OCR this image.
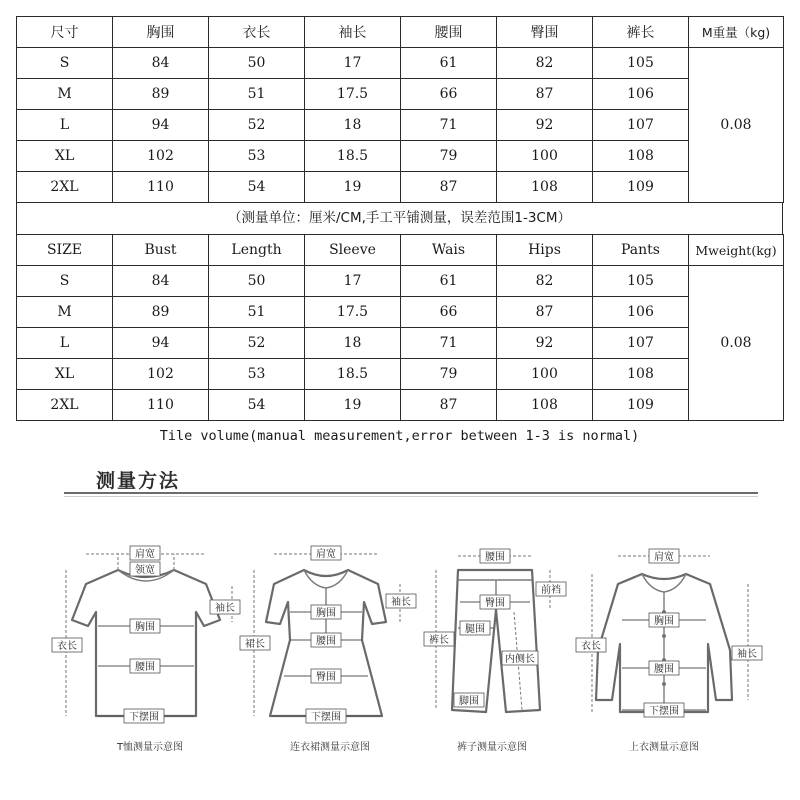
尺寸	胸围	衣长	袖长	腰围	臀围	裤长	M重量（kg)
S	84	50	17	61	82	105	0.08
M	89	51	17.5	66	87	106	
L	94	52	18	71	92	107	
XL	102	53	18.5	79	100	108	
2XL	110	54	19	87	108	109	
（测量单位：厘米/CM,手工平铺测量，误差范围1-3CM）
SIZE	Bust	Length	Sleeve	Wais	Hips	Pants	Mweight(kg)
S	84	50	17	61	82	105	0.08
M	89	51	17.5	66	87	106	
L	94	52	18	71	92	107	
XL	102	53	18.5	79	100	108	
2XL	110	54	19	87	108	109	
Tile volume(manual measurement,error between 1-3 is normal)
测量方法
肩宽
领宽
袖长
胸围
衣长
腰围
下摆围
T恤测量示意图
肩宽
袖长
胸围
裙长	腰围
臀围
下摆围
连衣裙测量示意图
腰围
前裆
臀围
腿围
裤长
内侧长
脚围
裤子测量示意图
肩宽
胸围
衣长
袖长
腰围
下摆围
上衣测量示意图
